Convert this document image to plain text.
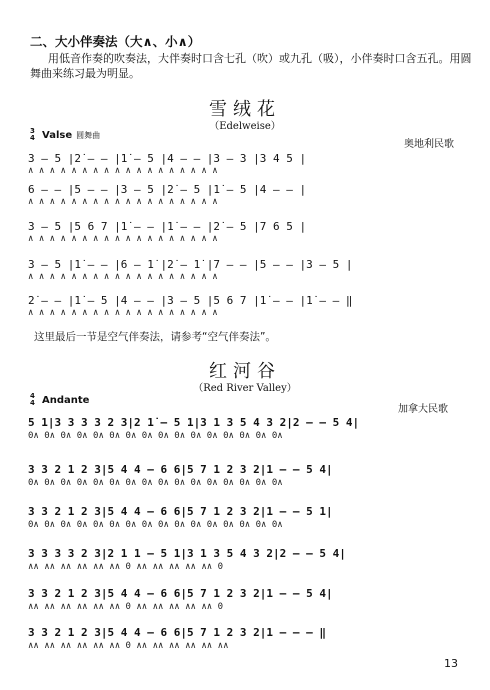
二、大小伴奏法（大∧、小∧）
用低音作奏的吹奏法，大伴奏时口含七孔（吹）或九孔（吸），小伴奏时口含五孔。用圆
舞曲来练习最为明显。
雪绒花
（Edelweise）
3
4 Valse 圆舞曲
奥地利民歌
3 — 5 |2̇ — — |1̇ — 5 |4 — — |3 — 3 |3 4 5 |
∧ ∧ ∧ ∧ ∧ ∧ ∧ ∧ ∧ ∧ ∧ ∧ ∧ ∧ ∧ ∧ ∧ ∧
6 — — |5 — — |3 — 5 |2̇ — 5 |1̇ — 5 |4 — — |
∧ ∧ ∧ ∧ ∧ ∧ ∧ ∧ ∧ ∧ ∧ ∧ ∧ ∧ ∧ ∧ ∧ ∧
3 — 5 |5 6 7 |1̇ — — |1̇ — — |2̇ — 5 |7 6 5 |
∧ ∧ ∧ ∧ ∧ ∧ ∧ ∧ ∧ ∧ ∧ ∧ ∧ ∧ ∧ ∧ ∧ ∧
3 — 5 |1̇ — — |6 — 1̇ |2̇ — 1̇ |7 — — |5 — — |3 — 5 |
∧ ∧ ∧ ∧ ∧ ∧ ∧ ∧ ∧ ∧ ∧ ∧ ∧ ∧ ∧ ∧ ∧ ∧
2̇ — — |1̇ — 5 |4 — — |3 — 5 |5 6 7 |1̇ — — |1̇ — — ‖
∧ ∧ ∧ ∧ ∧ ∧ ∧ ∧ ∧ ∧ ∧ ∧ ∧ ∧ ∧ ∧ ∧ ∧
这里最后一节是空气伴奏法，请参考“空气伴奏法”。
红河谷
（Red River Valley）
4
4 Andante
加拿大民歌
5 1|3 3 3 3 2 3|2 1̇ — 5 1|3 1 3 5 4 3 2|2 — — 5 4|
0∧ 0∧ 0∧ 0∧ 0∧ 0∧ 0∧ 0∧ 0∧ 0∧ 0∧ 0∧ 0∧ 0∧ 0∧ 0∧
3 3 2 1 2 3|5 4 4 — 6 6|5 7 1 2 3 2|1 — — 5 4|
0∧ 0∧ 0∧ 0∧ 0∧ 0∧ 0∧ 0∧ 0∧ 0∧ 0∧ 0∧ 0∧ 0∧ 0∧ 0∧
3 3 2 1 2 3|5 4 4 — 6 6|5 7 1 2 3 2|1 — — 5 1|
0∧ 0∧ 0∧ 0∧ 0∧ 0∧ 0∧ 0∧ 0∧ 0∧ 0∧ 0∧ 0∧ 0∧ 0∧ 0∧
3 3 3 3 2 3|2 1 1 — 5 1|3 1 3 5 4 3 2|2 — — 5 4|
∧∧ ∧∧ ∧∧ ∧∧ ∧∧ ∧∧ 0 ∧∧ ∧∧ ∧∧ ∧∧ ∧∧ 0
3 3 2 1 2 3|5 4 4 — 6 6|5 7 1 2 3 2|1 — — 5 4|
∧∧ ∧∧ ∧∧ ∧∧ ∧∧ ∧∧ 0 ∧∧ ∧∧ ∧∧ ∧∧ ∧∧ 0
3 3 2 1 2 3|5 4 4 — 6 6|5 7 1 2 3 2|1 — — — ‖
∧∧ ∧∧ ∧∧ ∧∧ ∧∧ ∧∧ 0 ∧∧ ∧∧ ∧∧ ∧∧ ∧∧ ∧∧
13
